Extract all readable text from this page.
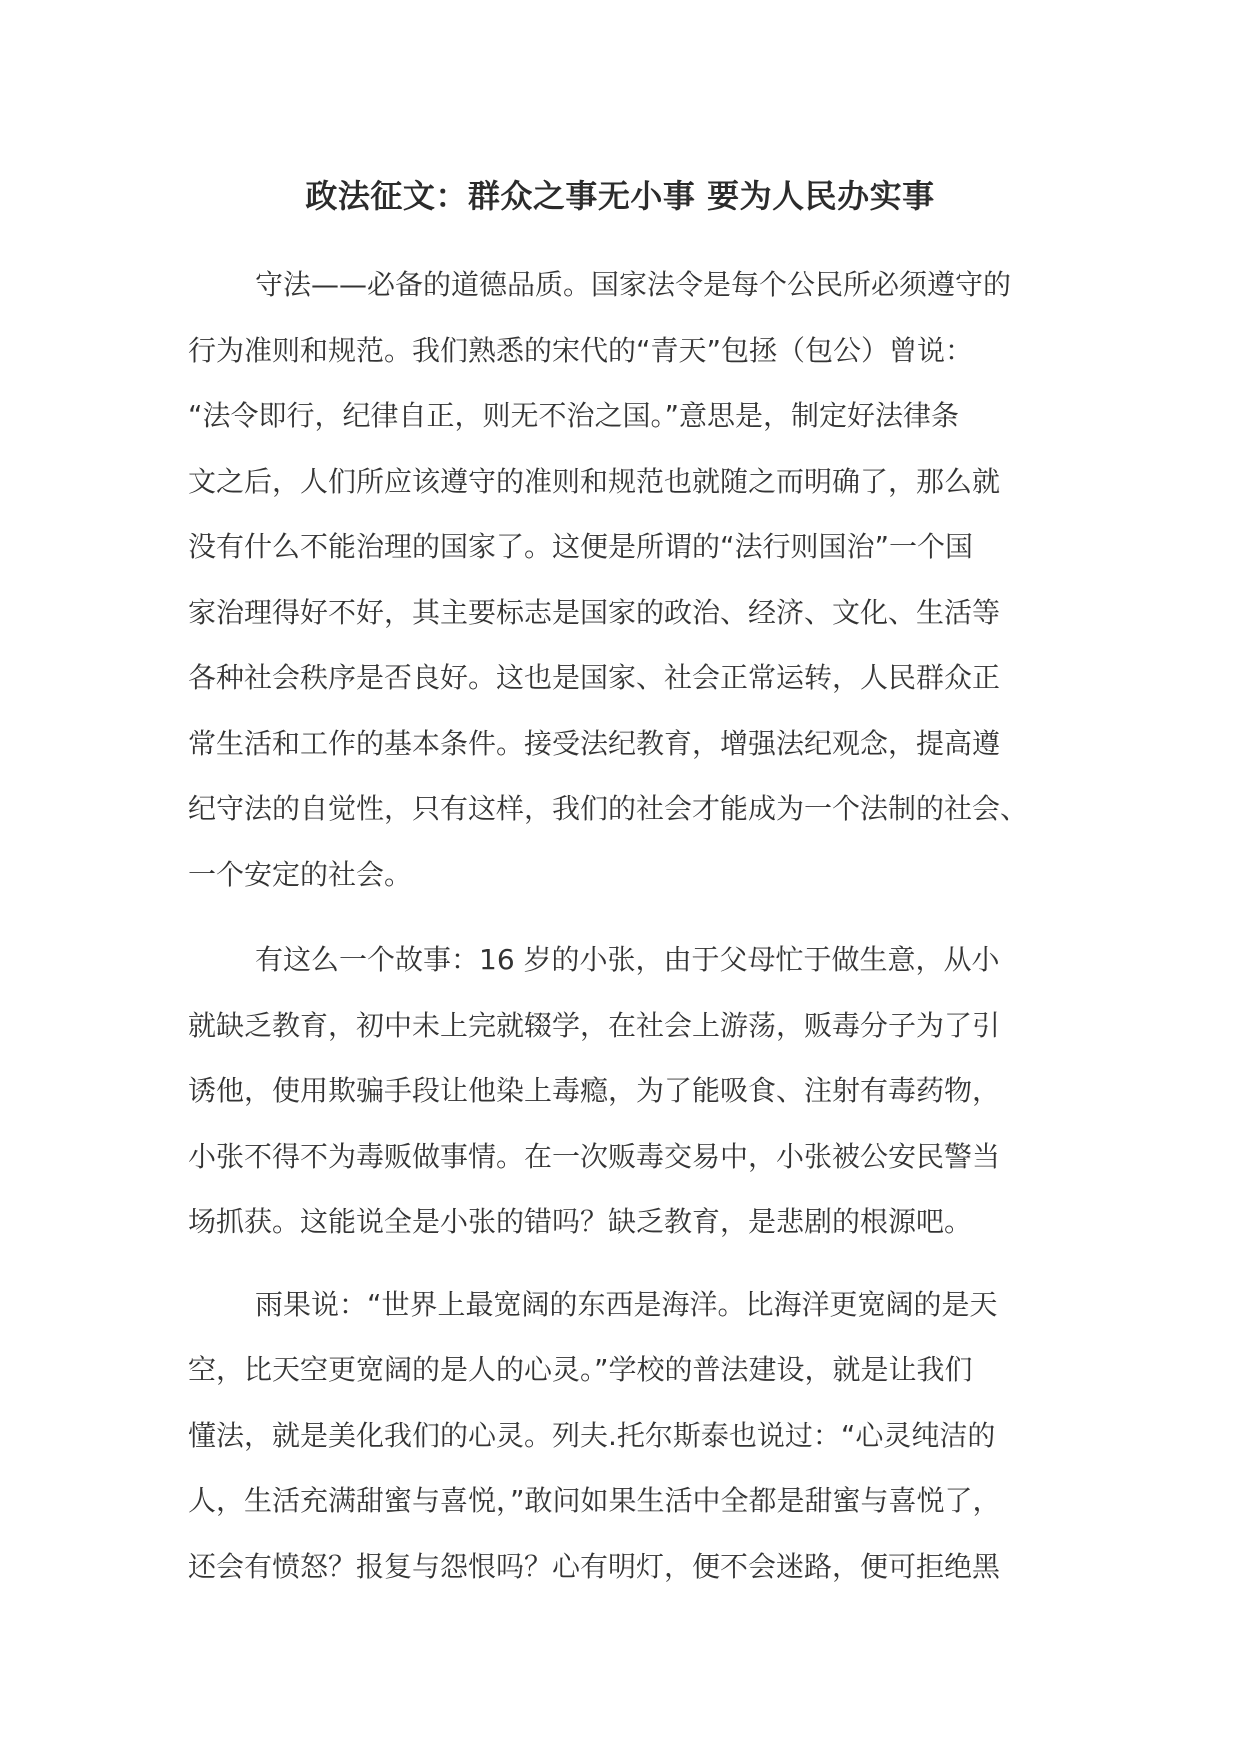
政法征文：群众之事无小事 要为人民办实事

守法——必备的道德品质。国家法令是每个公民所必须遵守的
行为准则和规范。我们熟悉的宋代的“青天”包拯（包公）曾说：
“法令即行，纪律自正，则无不治之国。”意思是，制定好法律条
文之后，人们所应该遵守的准则和规范也就随之而明确了，那么就
没有什么不能治理的国家了。这便是所谓的“法行则国治”一个国
家治理得好不好，其主要标志是国家的政治、经济、文化、生活等
各种社会秩序是否良好。这也是国家、社会正常运转，人民群众正
常生活和工作的基本条件。接受法纪教育，增强法纪观念，提高遵
纪守法的自觉性，只有这样，我们的社会才能成为一个法制的社会、
一个安定的社会。

有这么一个故事：16 岁的小张，由于父母忙于做生意，从小
就缺乏教育，初中未上完就辍学，在社会上游荡，贩毒分子为了引
诱他，使用欺骗手段让他染上毒瘾，为了能吸食、注射有毒药物，
小张不得不为毒贩做事情。在一次贩毒交易中，小张被公安民警当
场抓获。这能说全是小张的错吗？缺乏教育，是悲剧的根源吧。

雨果说：“世界上最宽阔的东西是海洋。比海洋更宽阔的是天
空，比天空更宽阔的是人的心灵。”学校的普法建设，就是让我们
懂法，就是美化我们的心灵。列夫.托尔斯泰也说过：“心灵纯洁的
人，生活充满甜蜜与喜悦，”敢问如果生活中全都是甜蜜与喜悦了，
还会有愤怒？报复与怨恨吗？心有明灯，便不会迷路，便可拒绝黑
